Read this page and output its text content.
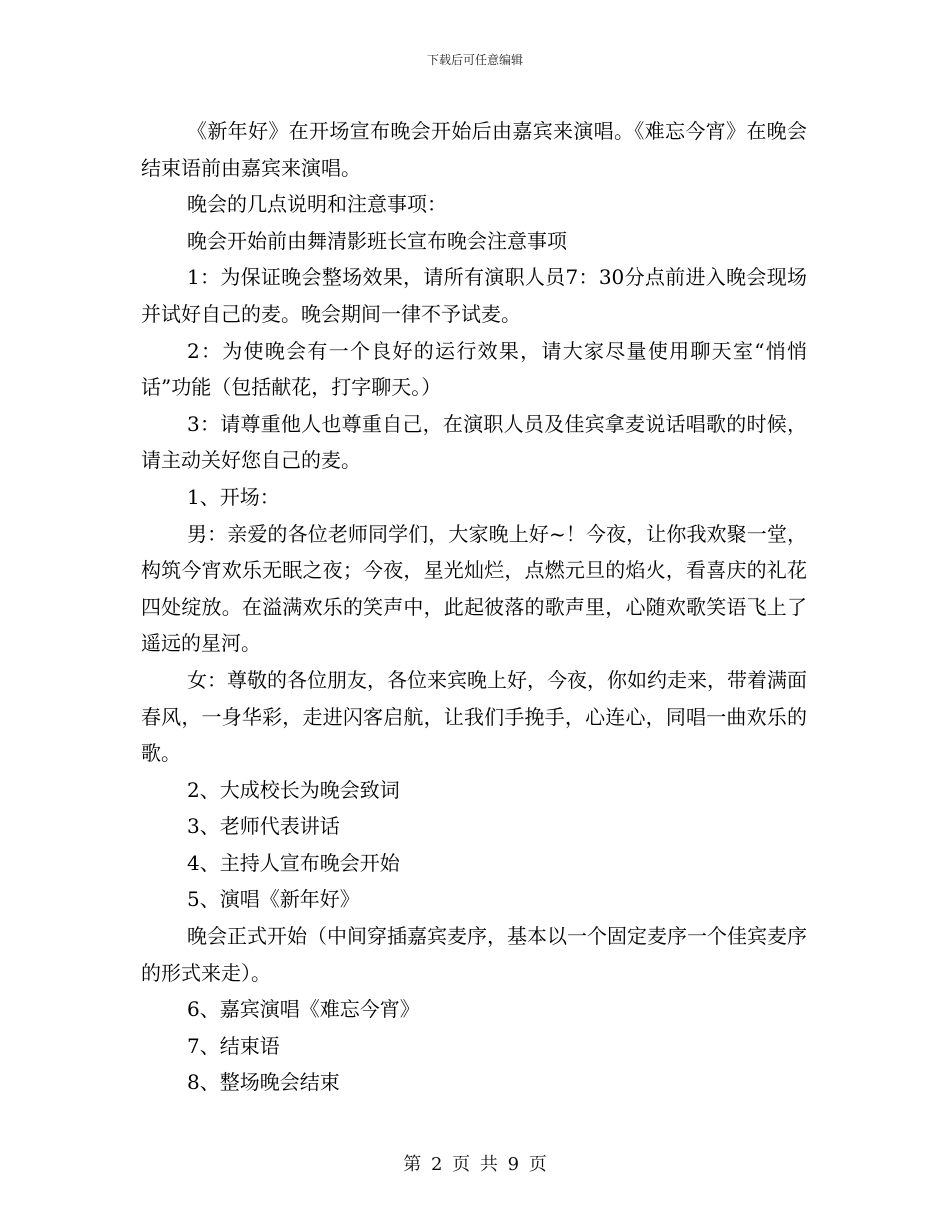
下载后可任意编辑

《新年好》在开场宣布晚会开始后由嘉宾来演唱。《难忘今宵》在晚会结束语前由嘉宾来演唱。

晚会的几点说明和注意事项：

晚会开始前由舞清影班长宣布晚会注意事项

1：为保证晚会整场效果，请所有演职人员7：30分点前进入晚会现场并试好自己的麦。晚会期间一律不予试麦。

2：为使晚会有一个良好的运行效果，请大家尽量使用聊天室“悄悄话”功能（包括献花，打字聊天。）

3：请尊重他人也尊重自己，在演职人员及佳宾拿麦说话唱歌的时候，请主动关好您自己的麦。

1、开场：

男：亲爱的各位老师同学们，大家晚上好~！今夜，让你我欢聚一堂，构筑今宵欢乐无眠之夜；今夜，星光灿烂，点燃元旦的焰火，看喜庆的礼花四处绽放。在溢满欢乐的笑声中，此起彼落的歌声里，心随欢歌笑语飞上了遥远的星河。

女：尊敬的各位朋友，各位来宾晚上好，今夜，你如约走来，带着满面春风，一身华彩，走进闪客启航，让我们手挽手，心连心，同唱一曲欢乐的歌。

2、大成校长为晚会致词

3、老师代表讲话

4、主持人宣布晚会开始

5、演唱《新年好》

晚会正式开始（中间穿插嘉宾麦序，基本以一个固定麦序一个佳宾麦序的形式来走）。

6、嘉宾演唱《难忘今宵》

7、结束语

8、整场晚会结束

第 2 页 共 9 页
